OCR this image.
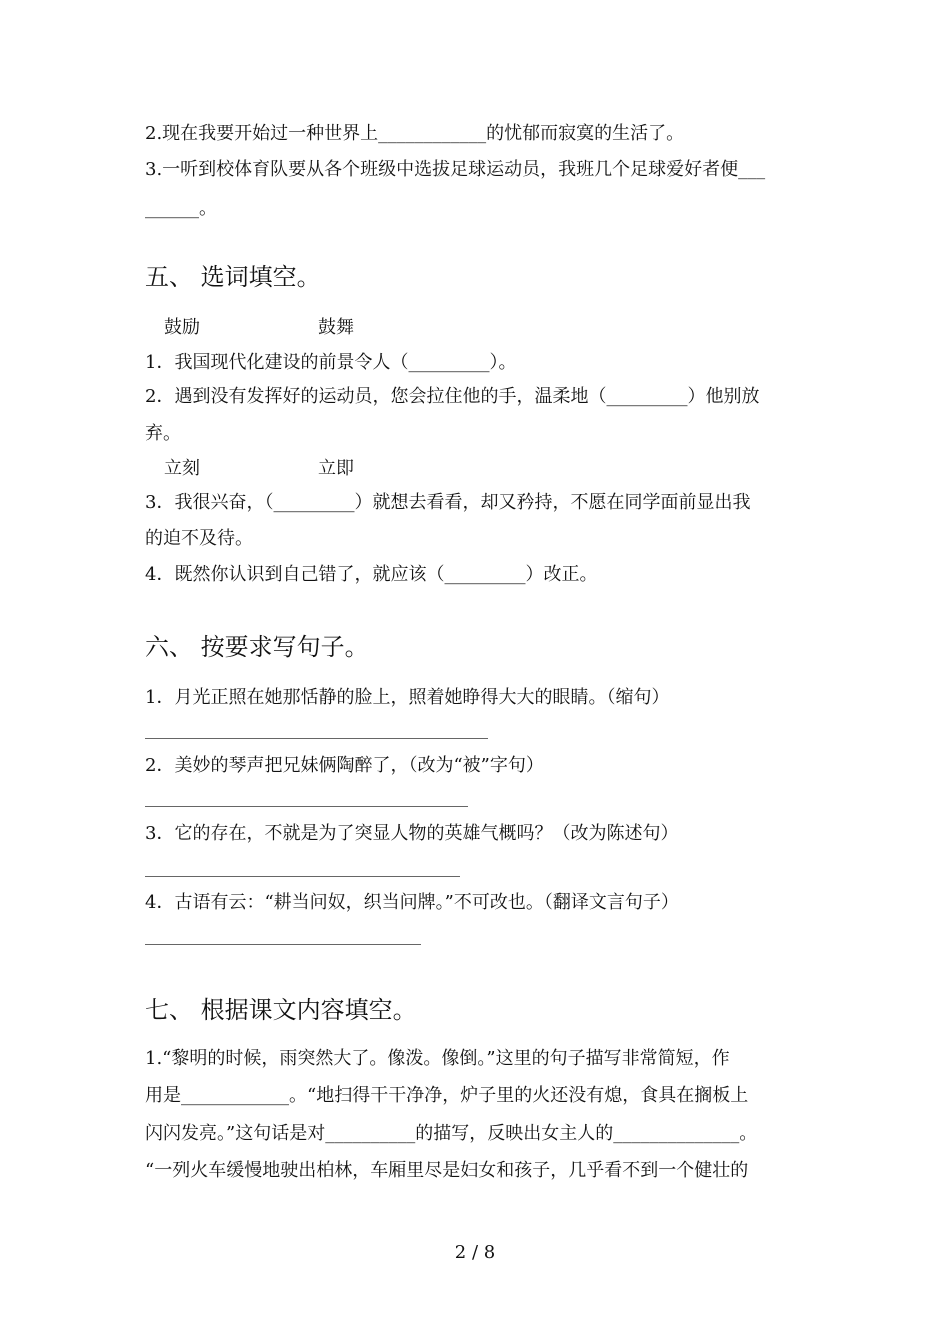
2.现在我要开始过一种世界上____________的忧郁而寂寞的生活了。
3.一听到校体育队要从各个班级中选拔足球运动员，我班几个足球爱好者便___
______。
五、 选词填空。
鼓励	鼓舞
1．我国现代化建设的前景令人（_________）。
2．遇到没有发挥好的运动员，您会拉住他的手，温柔地（_________）他别放
弃。
立刻	立即
3．我很兴奋，（_________）就想去看看，却又矜持，不愿在同学面前显出我
的迫不及待。
4．既然你认识到自己错了，就应该（_________）改正。
六、 按要求写句子。
1．月光正照在她那恬静的脸上，照着她睁得大大的眼睛。（缩句）
2．美妙的琴声把兄妹俩陶醉了，（改为“被”字句）
3．它的存在，不就是为了突显人物的英雄气概吗？（改为陈述句）
4．古语有云：“耕当问奴，织当问牌。”不可改也。（翻译文言句子）
七、 根据课文内容填空。
1.“黎明的时候，雨突然大了。像泼。像倒。”这里的句子描写非常简短，作
用是____________。“地扫得干干净净，炉子里的火还没有熄，食具在搁板上
闪闪发亮。”这句话是对__________的描写，反映出女主人的______________。
“一列火车缓慢地驶出柏林，车厢里尽是妇女和孩子，几乎看不到一个健壮的
2 / 8
